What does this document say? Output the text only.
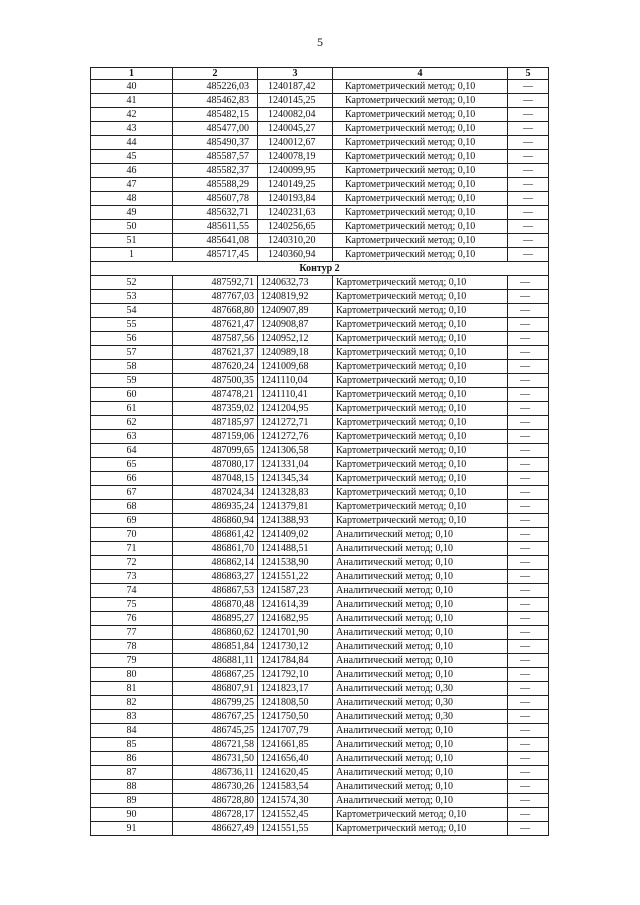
5
1	2	3	4	5
40	485226,03	1240187,42	Картометрический метод; 0,10	—
41	485462,83	1240145,25	Картометрический метод; 0,10	—
42	485482,15	1240082,04	Картометрический метод; 0,10	—
43	485477,00	1240045,27	Картометрический метод; 0,10	—
44	485490,37	1240012,67	Картометрический метод; 0,10	—
45	485587,57	1240078,19	Картометрический метод; 0,10	—
46	485582,37	1240099,95	Картометрический метод; 0,10	—
47	485588,29	1240149,25	Картометрический метод; 0,10	—
48	485607,78	1240193,84	Картометрический метод; 0,10	—
49	485632,71	1240231,63	Картометрический метод; 0,10	—
50	485611,55	1240256,65	Картометрический метод; 0,10	—
51	485641,08	1240310,20	Картометрический метод; 0,10	—
1	485717,45	1240360,94	Картометрический метод; 0,10	—
Контур 2				
52	487592,71	1240632,73	Картометрический метод; 0,10	—
53	487767,03	1240819,92	Картометрический метод; 0,10	—
54	487668,80	1240907,89	Картометрический метод; 0,10	—
55	487621,47	1240908,87	Картометрический метод; 0,10	—
56	487587,56	1240952,12	Картометрический метод; 0,10	—
57	487621,37	1240989,18	Картометрический метод; 0,10	—
58	487620,24	1241009,68	Картометрический метод; 0,10	—
59	487500,35	1241110,04	Картометрический метод; 0,10	—
60	487478,21	1241110,41	Картометрический метод; 0,10	—
61	487359,02	1241204,95	Картометрический метод; 0,10	—
62	487185,97	1241272,71	Картометрический метод; 0,10	—
63	487159,06	1241272,76	Картометрический метод; 0,10	—
64	487099,65	1241306,58	Картометрический метод; 0,10	—
65	487080,17	1241331,04	Картометрический метод; 0,10	—
66	487048,15	1241345,34	Картометрический метод; 0,10	—
67	487024,34	1241328,83	Картометрический метод; 0,10	—
68	486935,24	1241379,81	Картометрический метод; 0,10	—
69	486860,94	1241388,93	Картометрический метод; 0,10	—
70	486861,42	1241409,02	Аналитический метод; 0,10	—
71	486861,70	1241488,51	Аналитический метод; 0,10	—
72	486862,14	1241538,90	Аналитический метод; 0,10	—
73	486863,27	1241551,22	Аналитический метод; 0,10	—
74	486867,53	1241587,23	Аналитический метод; 0,10	—
75	486870,48	1241614,39	Аналитический метод; 0,10	—
76	486895,27	1241682,95	Аналитический метод; 0,10	—
77	486860,62	1241701,90	Аналитический метод; 0,10	—
78	486851,84	1241730,12	Аналитический метод; 0,10	—
79	486881,11	1241784,84	Аналитический метод; 0,10	—
80	486867,25	1241792,10	Аналитический метод; 0,10	—
81	486807,91	1241823,17	Аналитический метод; 0,30	—
82	486799,25	1241808,50	Аналитический метод; 0,30	—
83	486767,25	1241750,50	Аналитический метод; 0,30	—
84	486745,25	1241707,79	Аналитический метод; 0,10	—
85	486721,58	1241661,85	Аналитический метод; 0,10	—
86	486731,50	1241656,40	Аналитический метод; 0,10	—
87	486736,11	1241620,45	Аналитический метод; 0,10	—
88	486730,26	1241583,54	Аналитический метод; 0,10	—
89	486728,80	1241574,30	Аналитический метод; 0,10	—
90	486728,17	1241552,45	Картометрический метод; 0,10	—
91	486627,49	1241551,55	Картометрический метод; 0,10	—
